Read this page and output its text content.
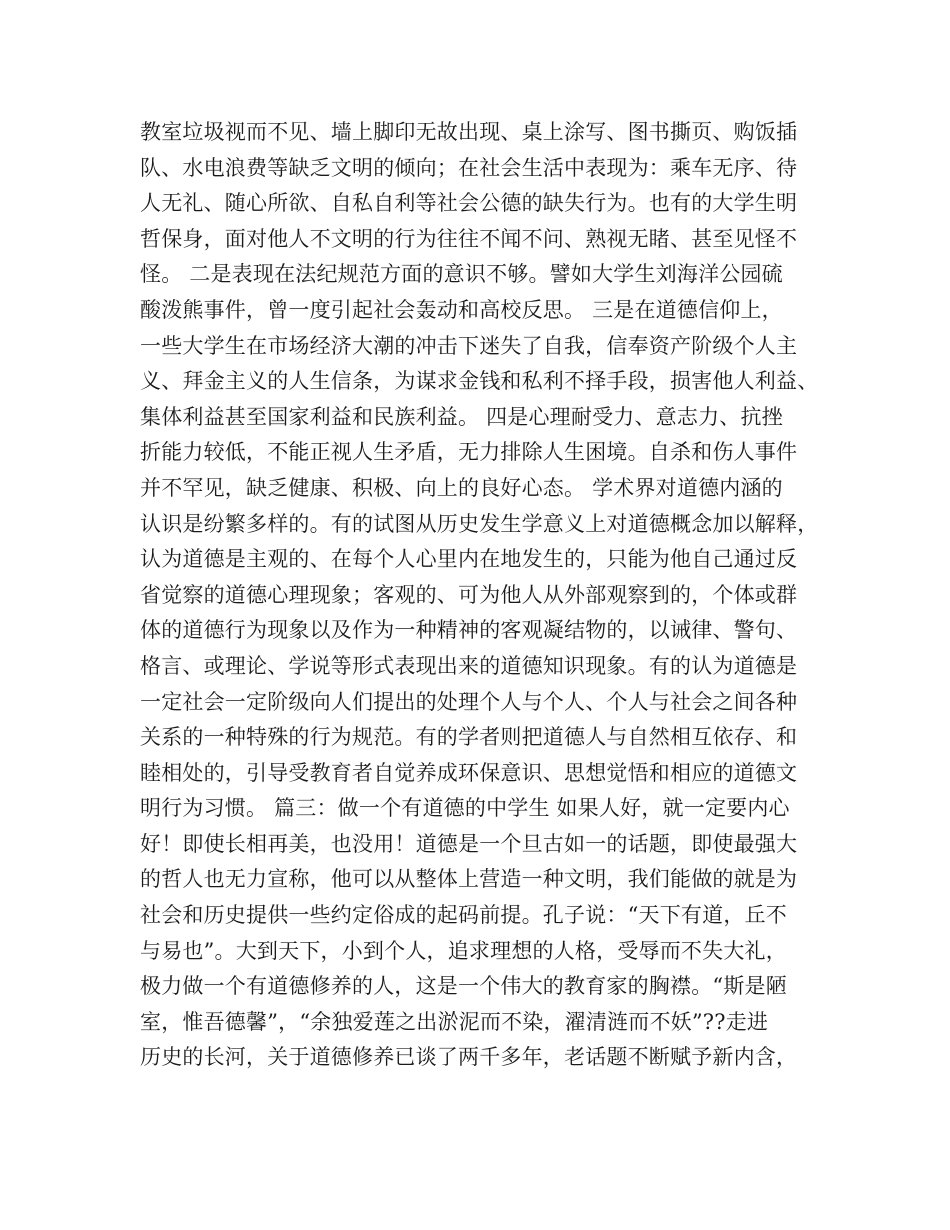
教室垃圾视而不见、墙上脚印无故出现、桌上涂写、图书撕页、购饭插
队、水电浪费等缺乏文明的倾向；在社会生活中表现为：乘车无序、待
人无礼、随心所欲、自私自利等社会公德的缺失行为。也有的大学生明
哲保身，面对他人不文明的行为往往不闻不问、熟视无睹、甚至见怪不
怪。 二是表现在法纪规范方面的意识不够。譬如大学生刘海洋公园硫
酸泼熊事件，曾一度引起社会轰动和高校反思。 三是在道德信仰上，
一些大学生在市场经济大潮的冲击下迷失了自我，信奉资产阶级个人主
义、拜金主义的人生信条，为谋求金钱和私利不择手段，损害他人利益、
集体利益甚至国家利益和民族利益。 四是心理耐受力、意志力、抗挫
折能力较低，不能正视人生矛盾，无力排除人生困境。自杀和伤人事件
并不罕见，缺乏健康、积极、向上的良好心态。 学术界对道德内涵的
认识是纷繁多样的。有的试图从历史发生学意义上对道德概念加以解释，
认为道德是主观的、在每个人心里内在地发生的，只能为他自己通过反
省觉察的道德心理现象；客观的、可为他人从外部观察到的，个体或群
体的道德行为现象以及作为一种精神的客观凝结物的，以诫律、警句、
格言、或理论、学说等形式表现出来的道德知识现象。有的认为道德是
一定社会一定阶级向人们提出的处理个人与个人、个人与社会之间各种
关系的一种特殊的行为规范。有的学者则把道德人与自然相互依存、和
睦相处的，引导受教育者自觉养成环保意识、思想觉悟和相应的道德文
明行为习惯。 篇三：做一个有道德的中学生 如果人好，就一定要内心
好！即使长相再美，也没用！道德是一个旦古如一的话题，即使最强大
的哲人也无力宣称，他可以从整体上营造一种文明，我们能做的就是为
社会和历史提供一些约定俗成的起码前提。孔子说：“天下有道，丘不
与易也”。大到天下，小到个人，追求理想的人格，受辱而不失大礼，
极力做一个有道德修养的人，这是一个伟大的教育家的胸襟。“斯是陋
室，惟吾德馨”，“余独爱莲之出淤泥而不染，濯清涟而不妖”??走进
历史的长河，关于道德修养已谈了两千多年，老话题不断赋予新内含，
